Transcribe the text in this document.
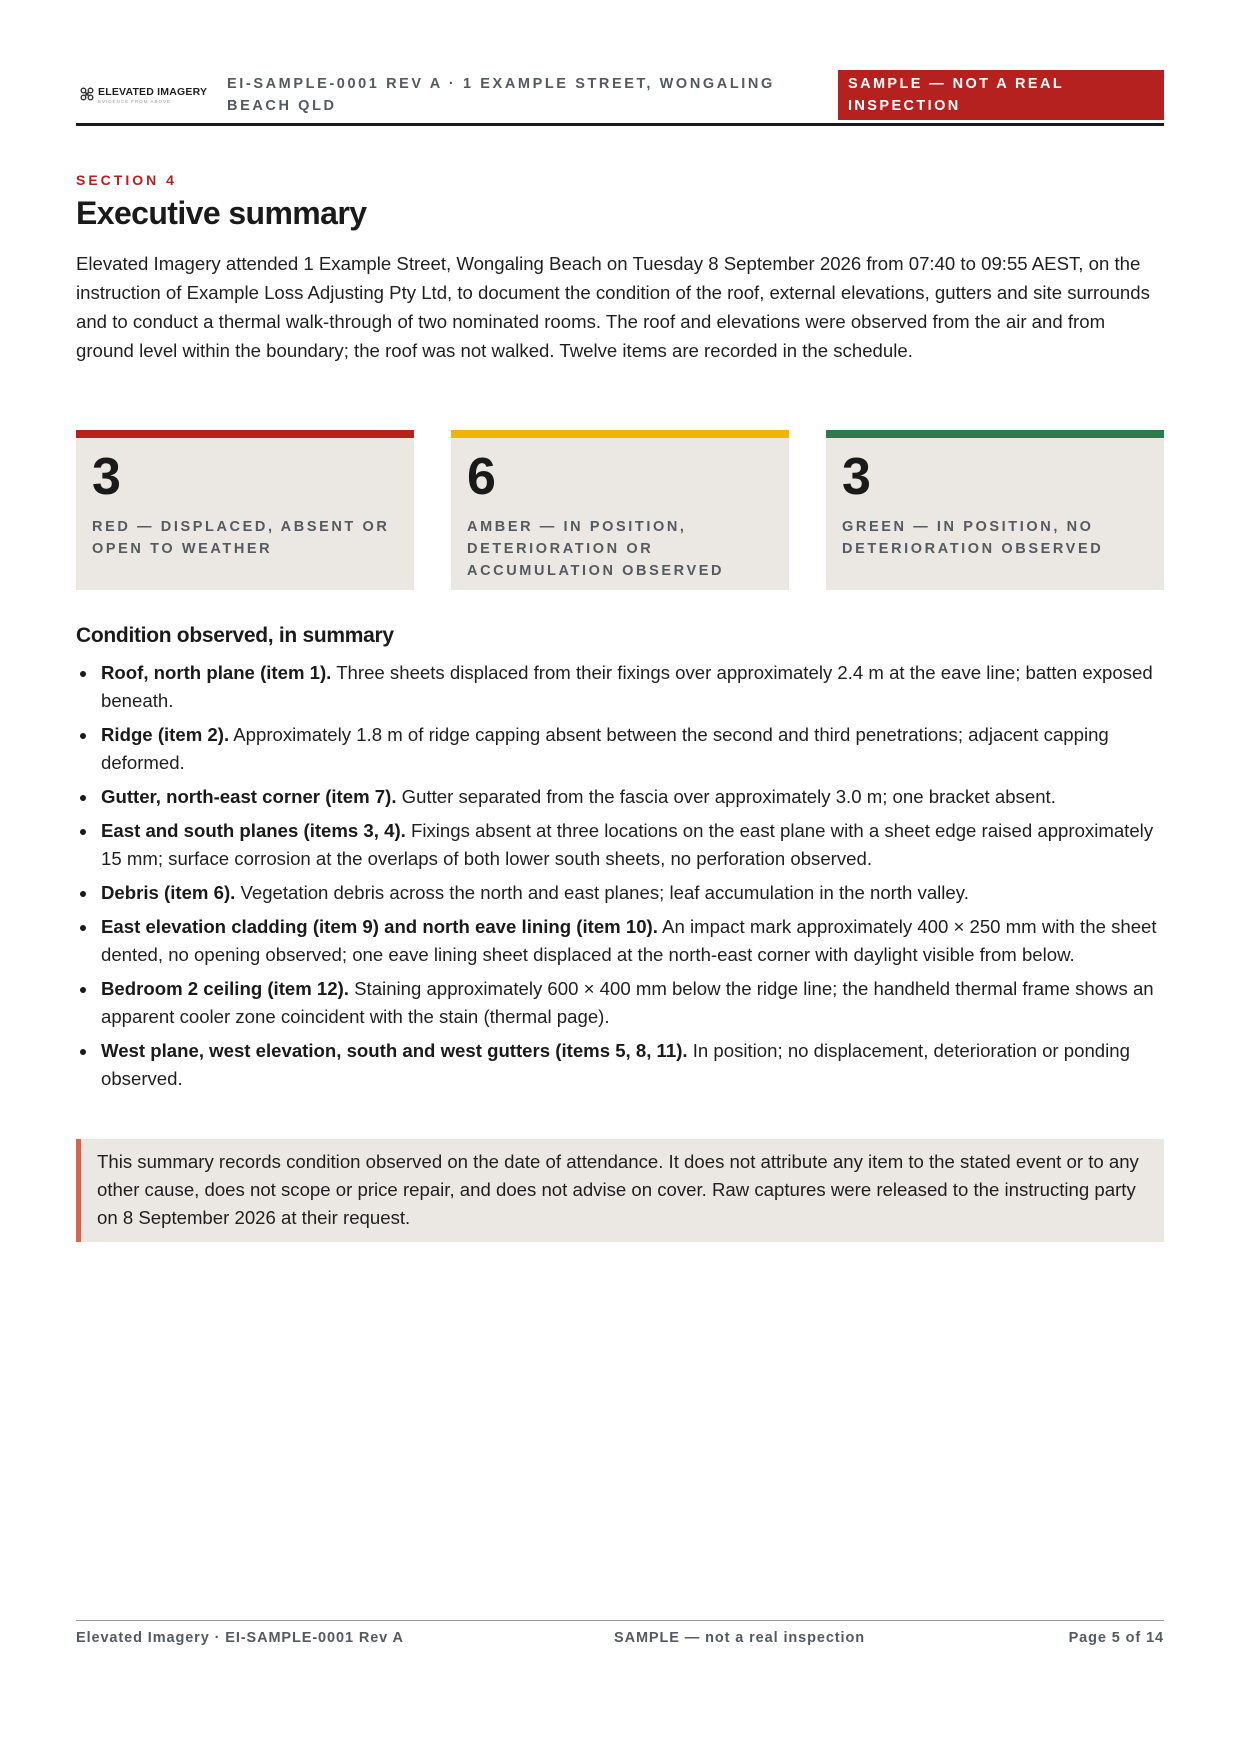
ELEVATED IMAGERY
EVIDENCE FROM ABOVE
EI-SAMPLE-0001 REV A · 1 EXAMPLE STREET, WONGALING BEACH QLD
SAMPLE — NOT A REAL INSPECTION
SECTION 4
Executive summary

Elevated Imagery attended 1 Example Street, Wongaling Beach on Tuesday 8 September 2026 from 07:40 to 09:55 AEST, on the instruction of Example Loss Adjusting Pty Ltd, to document the condition of the roof, external elevations, gutters and site surrounds and to conduct a thermal walk-through of two nominated rooms. The roof and elevations were observed from the air and from ground level within the boundary; the roof was not walked. Twelve items are recorded in the schedule.

3
RED — DISPLACED, ABSENT OR OPEN TO WEATHER
6
AMBER — IN POSITION, DETERIORATION OR ACCUMULATION OBSERVED
3
GREEN — IN POSITION, NO DETERIORATION OBSERVED
Condition observed, in summary
Roof, north plane (item 1). Three sheets displaced from their fixings over approximately 2.4 m at the eave line; batten exposed beneath.
Ridge (item 2). Approximately 1.8 m of ridge capping absent between the second and third penetrations; adjacent capping deformed.
Gutter, north-east corner (item 7). Gutter separated from the fascia over approximately 3.0 m; one bracket absent.
East and south planes (items 3, 4). Fixings absent at three locations on the east plane with a sheet edge raised approximately 15 mm; surface corrosion at the overlaps of both lower south sheets, no perforation observed.
Debris (item 6). Vegetation debris across the north and east planes; leaf accumulation in the north valley.
East elevation cladding (item 9) and north eave lining (item 10). An impact mark approximately 400 × 250 mm with the sheet dented, no opening observed; one eave lining sheet displaced at the north-east corner with daylight visible from below.
Bedroom 2 ceiling (item 12). Staining approximately 600 × 400 mm below the ridge line; the handheld thermal frame shows an apparent cooler zone coincident with the stain (thermal page).
West plane, west elevation, south and west gutters (items 5, 8, 11). In position; no displacement, deterioration or ponding observed.
This summary records condition observed on the date of attendance. It does not attribute any item to the stated event or to any other cause, does not scope or price repair, and does not advise on cover. Raw captures were released to the instructing party on 8 September 2026 at their request.
Elevated Imagery · EI-SAMPLE-0001 Rev A	SAMPLE — not a real inspection	Page 5 of 14
